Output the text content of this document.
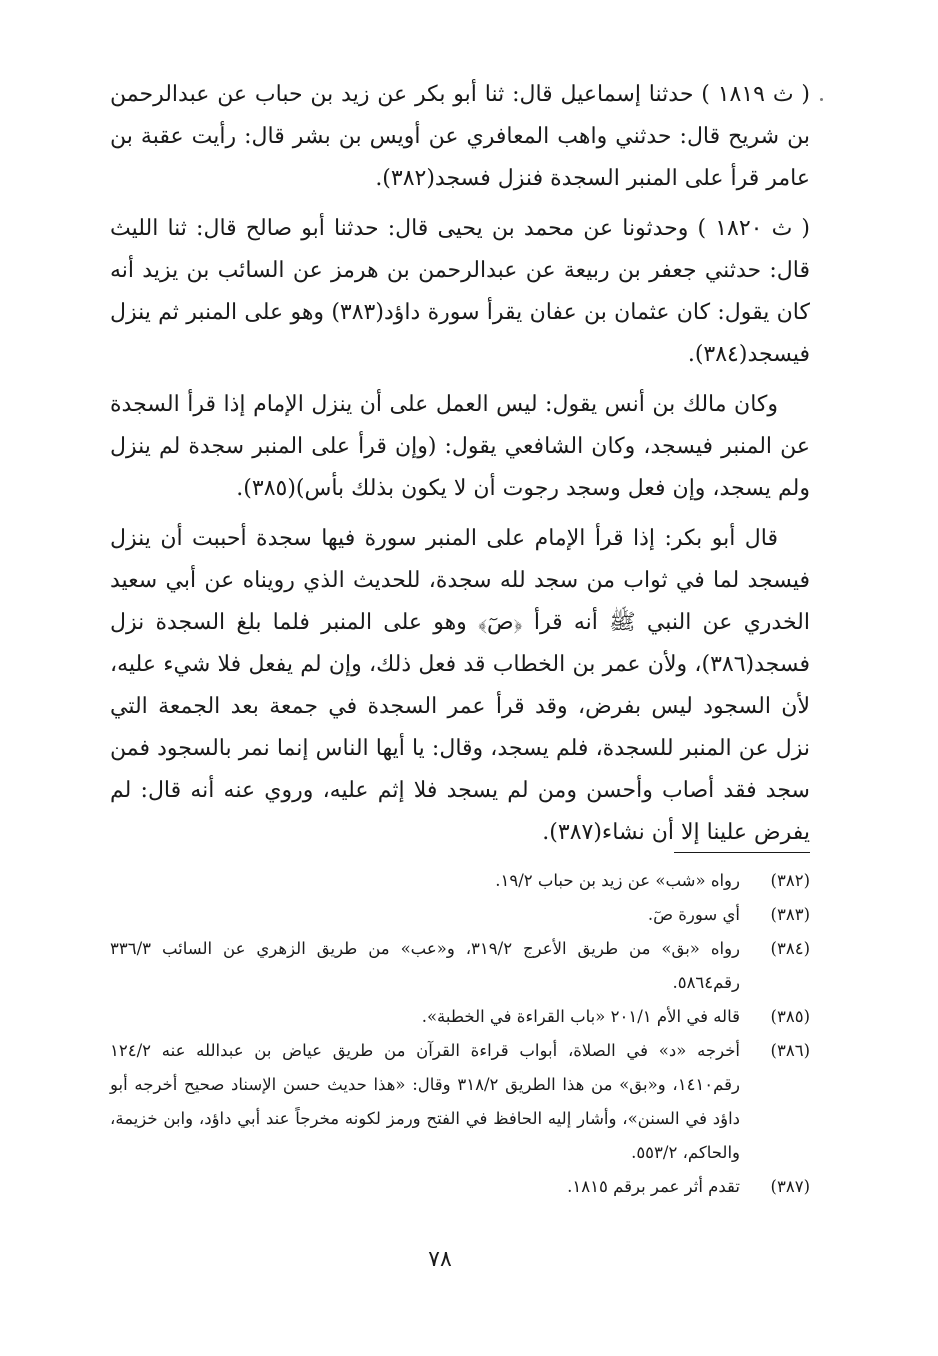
( ث ١٨١٩ ) حدثنا إسماعيل قال: ثنا أبو بكر عن زيد بن حباب عن عبدالرحمن بن شريح قال: حدثني واهب المعافري عن أويس بن بشر قال: رأيت عقبة بن عامر قرأ على المنبر السجدة فنزل فسجد(٣٨٢).

( ث ١٨٢٠ ) وحدثونا عن محمد بن يحيى قال: حدثنا أبو صالح قال: ثنا الليث قال: حدثني جعفر بن ربيعة عن عبدالرحمن بن هرمز عن السائب بن يزيد أنه كان يقول: كان عثمان بن عفان يقرأ سورة داؤد(٣٨٣) وهو على المنبر ثم ينزل فيسجد(٣٨٤).

وكان مالك بن أنس يقول: ليس العمل على أن ينزل الإمام إذا قرأ السجدة عن المنبر فيسجد، وكان الشافعي يقول: (وإن قرأ على المنبر سجدة لم ينزل ولم يسجد، وإن فعل وسجد رجوت أن لا يكون بذلك بأس)(٣٨٥).

قال أبو بكر: إذا قرأ الإمام على المنبر سورة فيها سجدة أحببت أن ينزل فيسجد لما في ثواب من سجد لله سجدة، للحديث الذي رويناه عن أبي سعيد الخدري عن النبي ﷺ أنه قرأ ﴿صٓ﴾ وهو على المنبر فلما بلغ السجدة نزل فسجد(٣٨٦)، ولأن عمر بن الخطاب قد فعل ذلك، وإن لم يفعل فلا شيء عليه، لأن السجود ليس بفرض، وقد قرأ عمر السجدة في جمعة بعد الجمعة التي نزل عن المنبر للسجدة، فلم يسجد، وقال: يا أيها الناس إنما نمر بالسجود فمن سجد فقد أصاب وأحسن ومن لم يسجد فلا إثم عليه، وروي عنه أنه قال: لم يفرض علينا إلا أن نشاء(٣٨٧).

(٣٨٢)
رواه «شب» عن زيد بن حباب ١٩/٢.
(٣٨٣)
أي سورة صٓ.
(٣٨٤)
رواه «بق» من طريق الأعرج ٣١٩/٢، و«عب» من طريق الزهري عن السائب ٣٣٦/٣ رقم٥٨٦٤.
(٣٨٥)
قاله في الأم ٢٠١/١ «باب القراءة في الخطبة».
(٣٨٦)
أخرجه «د» في الصلاة، أبواب قراءة القرآن من طريق عياض بن عبدالله عنه ١٢٤/٢ رقم١٤١٠، و«بق» من هذا الطريق ٣١٨/٢ وقال: «هذا حديث حسن الإسناد صحيح أخرجه أبو داؤد في السنن»، وأشار إليه الحافظ في الفتح ورمز لكونه مخرجاً عند أبي داؤد، وابن خزيمة، والحاكم، ٥٥٣/٢.
(٣٨٧)
تقدم أثر عمر برقم ١٨١٥.
٧٨
